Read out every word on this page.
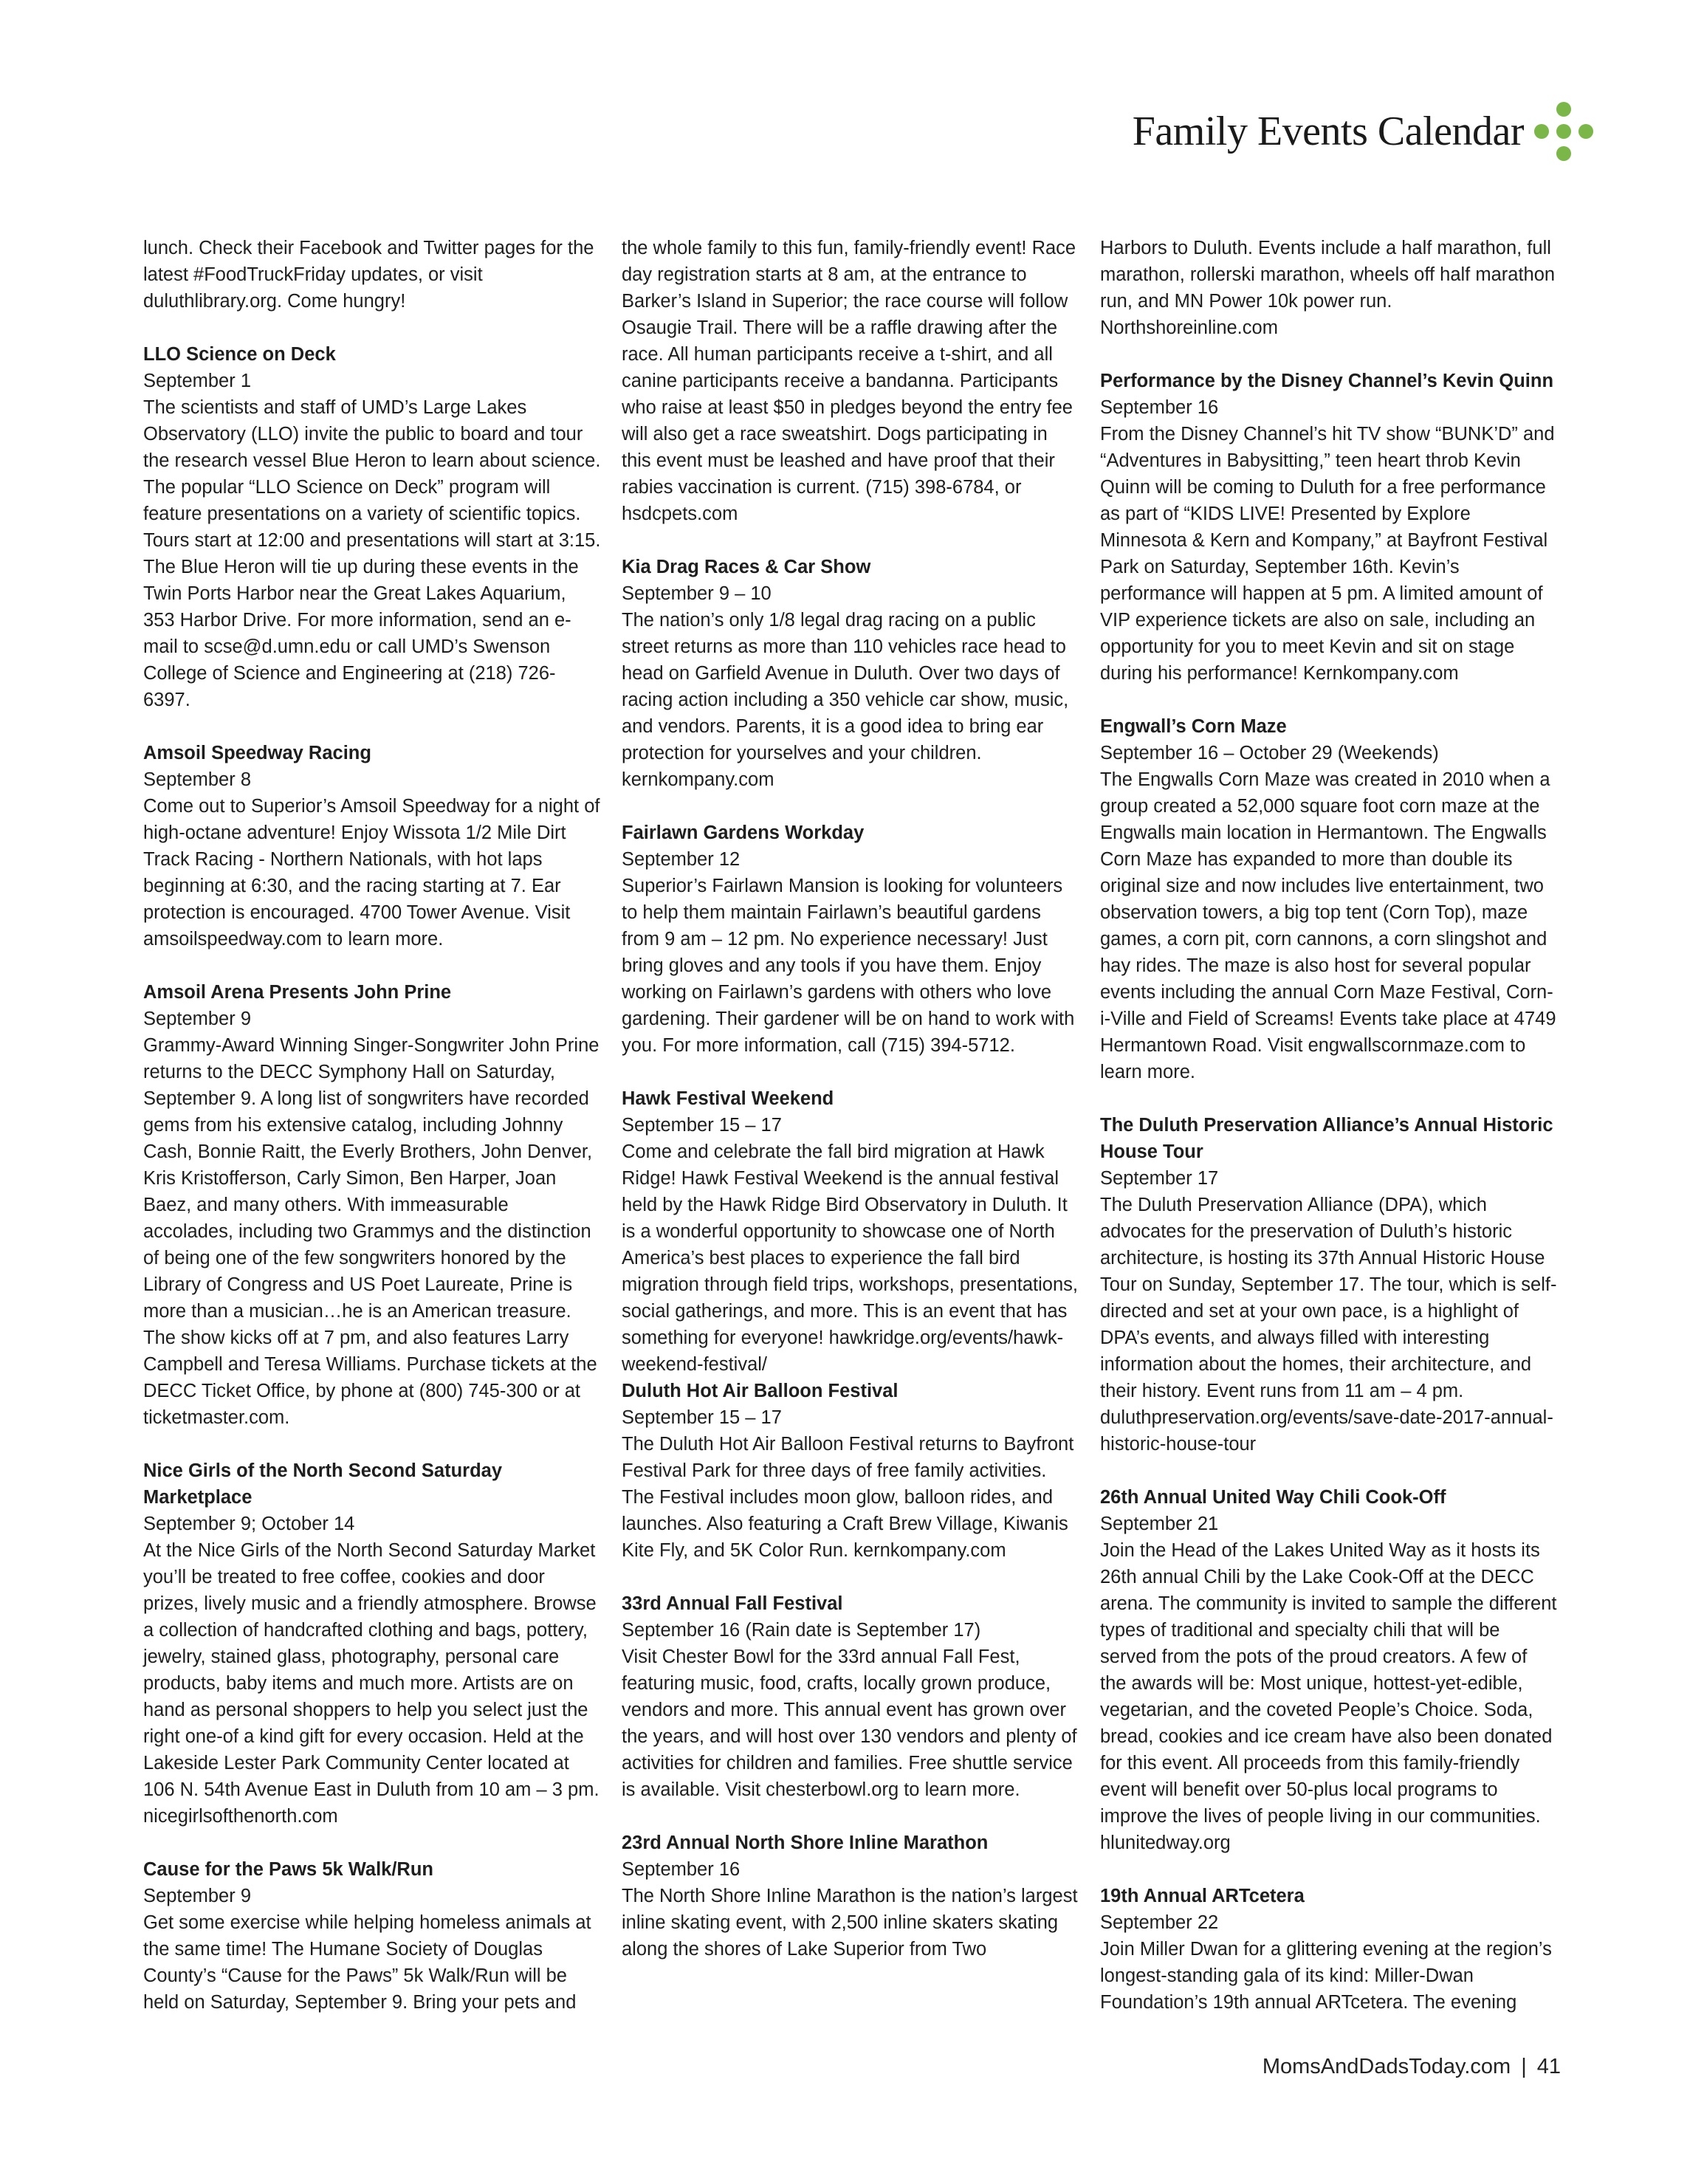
Family Events Calendar
lunch. Check their Facebook and Twitter pages for the latest #FoodTruckFriday updates, or visit duluthlibrary.org. Come hungry!
LLO Science on Deck
September 1
The scientists and staff of UMD’s Large Lakes Observatory (LLO) invite the public to board and tour the research vessel Blue Heron to learn about science. The popular “LLO Science on Deck” program will feature presentations on a variety of scientific topics. Tours start at 12:00 and presentations will start at 3:15. The Blue Heron will tie up during these events in the Twin Ports Harbor near the Great Lakes Aquarium, 353 Harbor Drive. For more information, send an e-mail to scse@d.umn.edu or call UMD’s Swenson College of Science and Engineering at (218) 726-6397.
Amsoil Speedway Racing
September 8
Come out to Superior’s Amsoil Speedway for a night of high-octane adventure! Enjoy Wissota 1/2 Mile Dirt Track Racing - Northern Nationals, with hot laps beginning at 6:30, and the racing starting at 7. Ear protection is encouraged. 4700 Tower Avenue. Visit amsoilspeedway.com to learn more.
Amsoil Arena Presents John Prine
September 9
Grammy-Award Winning Singer-Songwriter John Prine returns to the DECC Symphony Hall on Saturday, September 9. A long list of songwriters have recorded gems from his extensive catalog, including Johnny Cash, Bonnie Raitt, the Everly Brothers, John Denver, Kris Kristofferson, Carly Simon, Ben Harper, Joan Baez, and many others. With immeasurable accolades, including two Grammys and the distinction of being one of the few songwriters honored by the Library of Congress and US Poet Laureate, Prine is more than a musician…he is an American treasure. The show kicks off at 7 pm, and also features Larry Campbell and Teresa Williams. Purchase tickets at the DECC Ticket Office, by phone at (800) 745-300 or at ticketmaster.com.
Nice Girls of the North Second Saturday Marketplace
September 9; October 14
At the Nice Girls of the North Second Saturday Market you’ll be treated to free coffee, cookies and door prizes, lively music and a friendly atmosphere. Browse a collection of handcrafted clothing and bags, pottery, jewelry, stained glass, photography, personal care products, baby items and much more. Artists are on hand as personal shoppers to help you select just the right one-of a kind gift for every occasion. Held at the Lakeside Lester Park Community Center located at 106 N. 54th Avenue East in Duluth from 10 am – 3 pm. nicegirlsofthenorth.com
Cause for the Paws 5k Walk/Run
September 9
Get some exercise while helping homeless animals at the same time! The Humane Society of Douglas County’s “Cause for the Paws” 5k Walk/Run will be held on Saturday, September 9. Bring your pets and
the whole family to this fun, family-friendly event! Race day registration starts at 8 am, at the entrance to Barker’s Island in Superior; the race course will follow Osaugie Trail. There will be a raffle drawing after the race. All human participants receive a t-shirt, and all canine participants receive a bandanna. Participants who raise at least $50 in pledges beyond the entry fee will also get a race sweatshirt. Dogs participating in this event must be leashed and have proof that their rabies vaccination is current. (715) 398-6784, or hsdcpets.com
Kia Drag Races & Car Show
September 9 – 10
The nation’s only 1/8 legal drag racing on a public street returns as more than 110 vehicles race head to head on Garfield Avenue in Duluth. Over two days of racing action including a 350 vehicle car show, music, and vendors. Parents, it is a good idea to bring ear protection for yourselves and your children. kernkompany.com
Fairlawn Gardens Workday
September 12
Superior’s Fairlawn Mansion is looking for volunteers to help them maintain Fairlawn’s beautiful gardens from 9 am – 12 pm. No experience necessary! Just bring gloves and any tools if you have them. Enjoy working on Fairlawn’s gardens with others who love gardening. Their gardener will be on hand to work with you. For more information, call (715) 394-5712.
Hawk Festival Weekend
September 15 – 17
Come and celebrate the fall bird migration at Hawk Ridge! Hawk Festival Weekend is the annual festival held by the Hawk Ridge Bird Observatory in Duluth. It is a wonderful opportunity to showcase one of North America’s best places to experience the fall bird migration through field trips, workshops, presentations, social gatherings, and more. This is an event that has something for everyone! hawkridge.org/events/hawk-weekend-festival/
Duluth Hot Air Balloon Festival
September 15 – 17
The Duluth Hot Air Balloon Festival returns to Bayfront Festival Park for three days of free family activities. The Festival includes moon glow, balloon rides, and launches. Also featuring a Craft Brew Village, Kiwanis Kite Fly, and 5K Color Run. kernkompany.com
33rd Annual Fall Festival
September 16 (Rain date is September 17)
Visit Chester Bowl for the 33rd annual Fall Fest, featuring music, food, crafts, locally grown produce, vendors and more. This annual event has grown over the years, and will host over 130 vendors and plenty of activities for children and families. Free shuttle service is available. Visit chesterbowl.org to learn more.
23rd Annual North Shore Inline Marathon
September 16
The North Shore Inline Marathon is the nation’s largest inline skating event, with 2,500 inline skaters skating along the shores of Lake Superior from Two
Harbors to Duluth. Events include a half marathon, full marathon, rollerski marathon, wheels off half marathon run, and MN Power 10k power run. Northshoreinline.com
Performance by the Disney Channel’s Kevin Quinn
September 16
From the Disney Channel’s hit TV show “BUNK’D” and “Adventures in Babysitting,” teen heart throb Kevin Quinn will be coming to Duluth for a free performance as part of “KIDS LIVE! Presented by Explore Minnesota & Kern and Kompany,” at Bayfront Festival Park on Saturday, September 16th. Kevin’s performance will happen at 5 pm. A limited amount of VIP experience tickets are also on sale, including an opportunity for you to meet Kevin and sit on stage during his performance! Kernkompany.com
Engwall’s Corn Maze
September 16 – October 29 (Weekends)
The Engwalls Corn Maze was created in 2010 when a group created a 52,000 square foot corn maze at the Engwalls main location in Hermantown. The Engwalls Corn Maze has expanded to more than double its original size and now includes live entertainment, two observation towers, a big top tent (Corn Top), maze games, a corn pit, corn cannons, a corn slingshot and hay rides. The maze is also host for several popular events including the annual Corn Maze Festival, Corn-i-Ville and Field of Screams! Events take place at 4749 Hermantown Road. Visit engwallscornmaze.com to learn more.
The Duluth Preservation Alliance’s Annual Historic House Tour
September 17
The Duluth Preservation Alliance (DPA), which advocates for the preservation of Duluth’s historic architecture, is hosting its 37th Annual Historic House Tour on Sunday, September 17. The tour, which is self-directed and set at your own pace, is a highlight of DPA’s events, and always filled with interesting information about the homes, their architecture, and their history. Event runs from 11 am – 4 pm. duluthpreservation.org/events/save-date-2017-annual-historic-house-tour
26th Annual United Way Chili Cook-Off
September 21
Join the Head of the Lakes United Way as it hosts its 26th annual Chili by the Lake Cook-Off at the DECC arena. The community is invited to sample the different types of traditional and specialty chili that will be served from the pots of the proud creators. A few of the awards will be: Most unique, hottest-yet-edible, vegetarian, and the coveted People’s Choice. Soda, bread, cookies and ice cream have also been donated for this event. All proceeds from this family-friendly event will benefit over 50-plus local programs to improve the lives of people living in our communities. hlunitedway.org
19th Annual ARTcetera
September 22
Join Miller Dwan for a glittering evening at the region’s longest-standing gala of its kind: Miller-Dwan Foundation’s 19th annual ARTcetera. The evening
MomsAndDadsToday.com | 41
